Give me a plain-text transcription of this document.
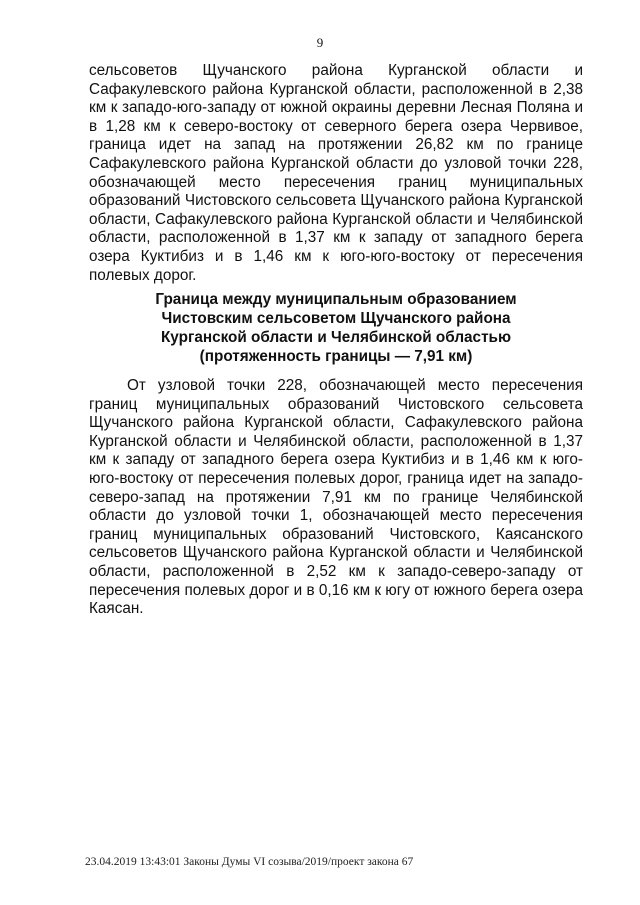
9

сельсоветов Щучанского района Курганской области и Сафакулевского района Курганской области, расположенной в 2,38 км к западо-юго-западу от южной окраины деревни Лесная Поляна и в 1,28 км к северо-востоку от северного берега озера Червивое, граница идет на запад на протяжении 26,82 км по границе Сафакулевского района Курганской области до узловой точки 228, обозначающей место пересечения границ муниципальных образований Чистовского сельсовета Щучанского района Курганской области, Сафакулевского района Курганской области и Челябинской области, расположенной в 1,37 км к западу от западного берега озера Куктибиз и в 1,46 км к юго-юго-востоку от пересечения полевых дорог.

Граница между муниципальным образованием
Чистовским сельсоветом Щучанского района
Курганской области и Челябинской областью
(протяженность границы — 7,91 км)

От узловой точки 228, обозначающей место пересечения границ муниципальных образований Чистовского сельсовета Щучанского района Курганской области, Сафакулевского района Курганской области и Челябинской области, расположенной в 1,37 км к западу от западного берега озера Куктибиз и в 1,46 км к юго-юго-востоку от пересечения полевых дорог, граница идет на западо-северо-запад на протяжении 7,91 км по границе Челябинской области до узловой точки 1, обозначающей место пересечения границ муниципальных образований Чистовского, Каясанского сельсоветов Щучанского района Курганской области и Челябинской области, расположенной в 2,52 км к западо-северо-западу от пересечения полевых дорог и в 0,16 км к югу от южного берега озера Каясан.

23.04.2019 13:43:01 Законы Думы VI созыва/2019/проект закона 67
